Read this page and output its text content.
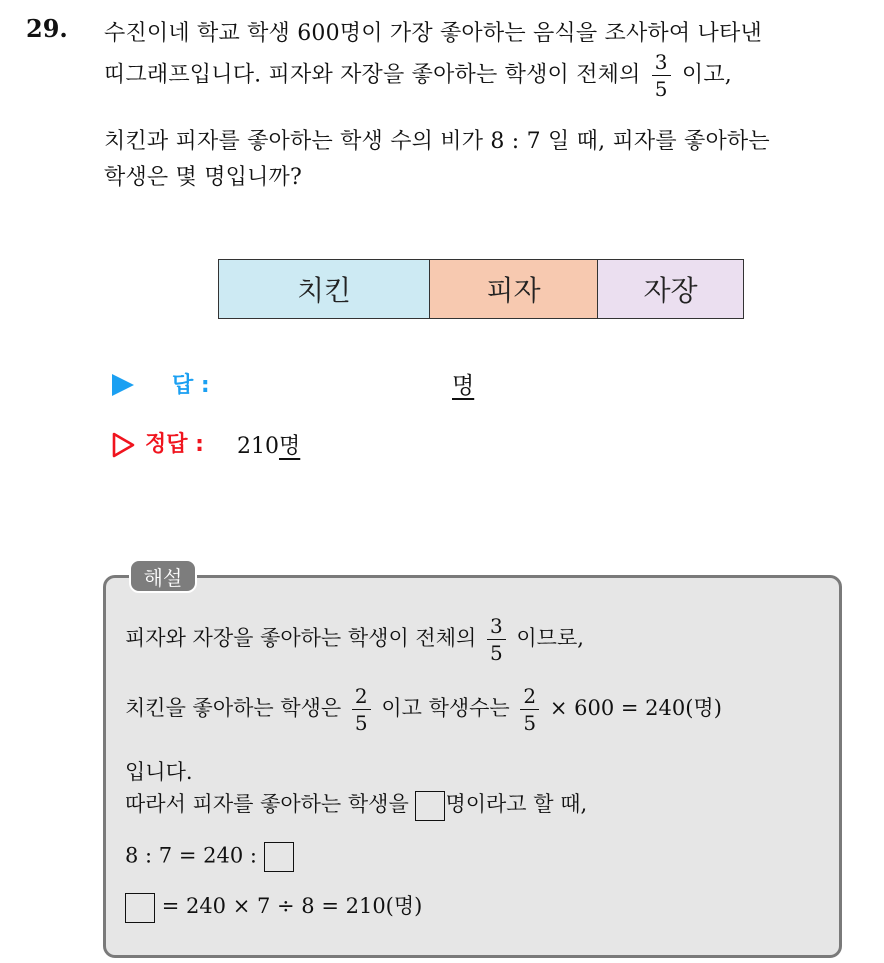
29. 수진이네 학교 학생 600명이 가장 좋아하는 음식을 조사하여 나타낸
띠그래프입니다. 피자와 자장을 좋아하는 학생이 전체의 $\frac{3}{5}$ 이고,
치킨과 피자를 좋아하는 학생 수의 비가 8 : 7 일 때, 피자를 좋아하는
학생은 몇 명입니까?
치킨	피자	자장
답 :	명
정답 : 210명
해설
피자와 자장을 좋아하는 학생이 전체의 $\frac{3}{5}$ 이므로,
치킨을 좋아하는 학생은 $\frac{2}{5}$ 이고 학생수는 $\frac{2}{5} \times 600 = 240$(명)
입니다.
따라서 피자를 좋아하는 학생을 명이라고 할 때,
8 : 7 = 240 :
= 240 × 7 ÷ 8 = 210(명)
